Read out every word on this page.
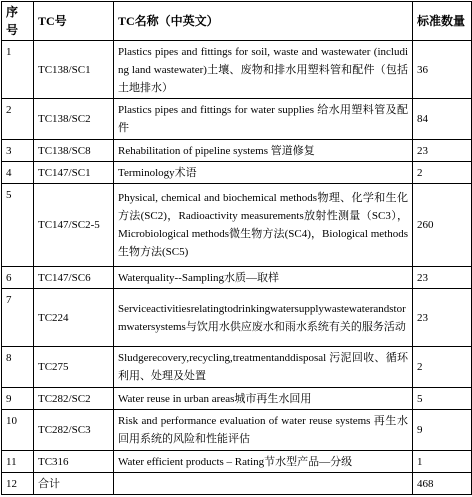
序号	TC号	TC名称（中英文）	标准数量
1	TC138/SC1	Plastics pipes and fittings for soil, waste and wastewater (including land wastewater)土壤、废物和排水用塑料管和配件（包括土地排水）	36
2	TC138/SC2	Plastics pipes and fittings for water supplies 给水用塑料管及配件	84
3	TC138/SC8	Rehabilitation of pipeline systems 管道修复	23
4	TC147/SC1	Terminology术语	2
5	TC147/SC2-5	Physical, chemical and biochemical methods物理、化学和生化方法(SC2)，Radioactivity measurements放射性测量（SC3），Microbiological methods微生物方法(SC4)，Biological methods生物方法(SC5)	260
6	TC147/SC6	Waterquality--Sampling水质—取样	23
7	TC224	Serviceactivitiesrelatingtodrinkingwatersupplywastewaterandstormwatersystems与饮用水供应废水和雨水系统有关的服务活动	23
8	TC275	Sludgerecovery,recycling,treatmentanddisposal 污泥回收、循环利用、处理及处置	2
9	TC282/SC2	Water reuse in urban areas城市再生水回用	5
10	TC282/SC3	Risk and performance evaluation of water reuse systems 再生水回用系统的风险和性能评估	9
11	TC316	Water efficient products – Rating节水型产品—分级	1
12	合计		468
